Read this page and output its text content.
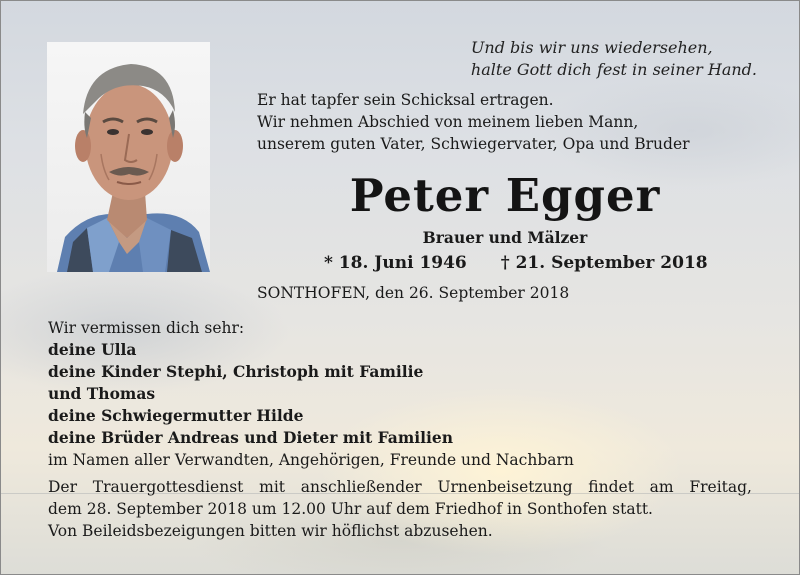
Und bis wir uns wiedersehen,
halte Gott dich fest in seiner Hand.
Er hat tapfer sein Schicksal ertragen.
Wir nehmen Abschied von meinem lieben Mann,
unserem guten Vater, Schwiegervater, Opa und Bruder
Peter Egger
Brauer und Mälzer
* 18. Juni 1946 † 21. September 2018
SONTHOFEN, den 26. September 2018
Wir vermissen dich sehr:
deine Ulla
deine Kinder Stephi, Christoph mit Familie
und Thomas
deine Schwiegermutter Hilde
deine Brüder Andreas und Dieter mit Familien
im Namen aller Verwandten, Angehörigen, Freunde und Nachbarn
Der Trauergottesdienst mit anschließender Urnenbeisetzung findet am Freitag,
dem 28. September 2018 um 12.00 Uhr auf dem Friedhof in Sonthofen statt.
Von Beileidsbezeigungen bitten wir höflichst abzusehen.
